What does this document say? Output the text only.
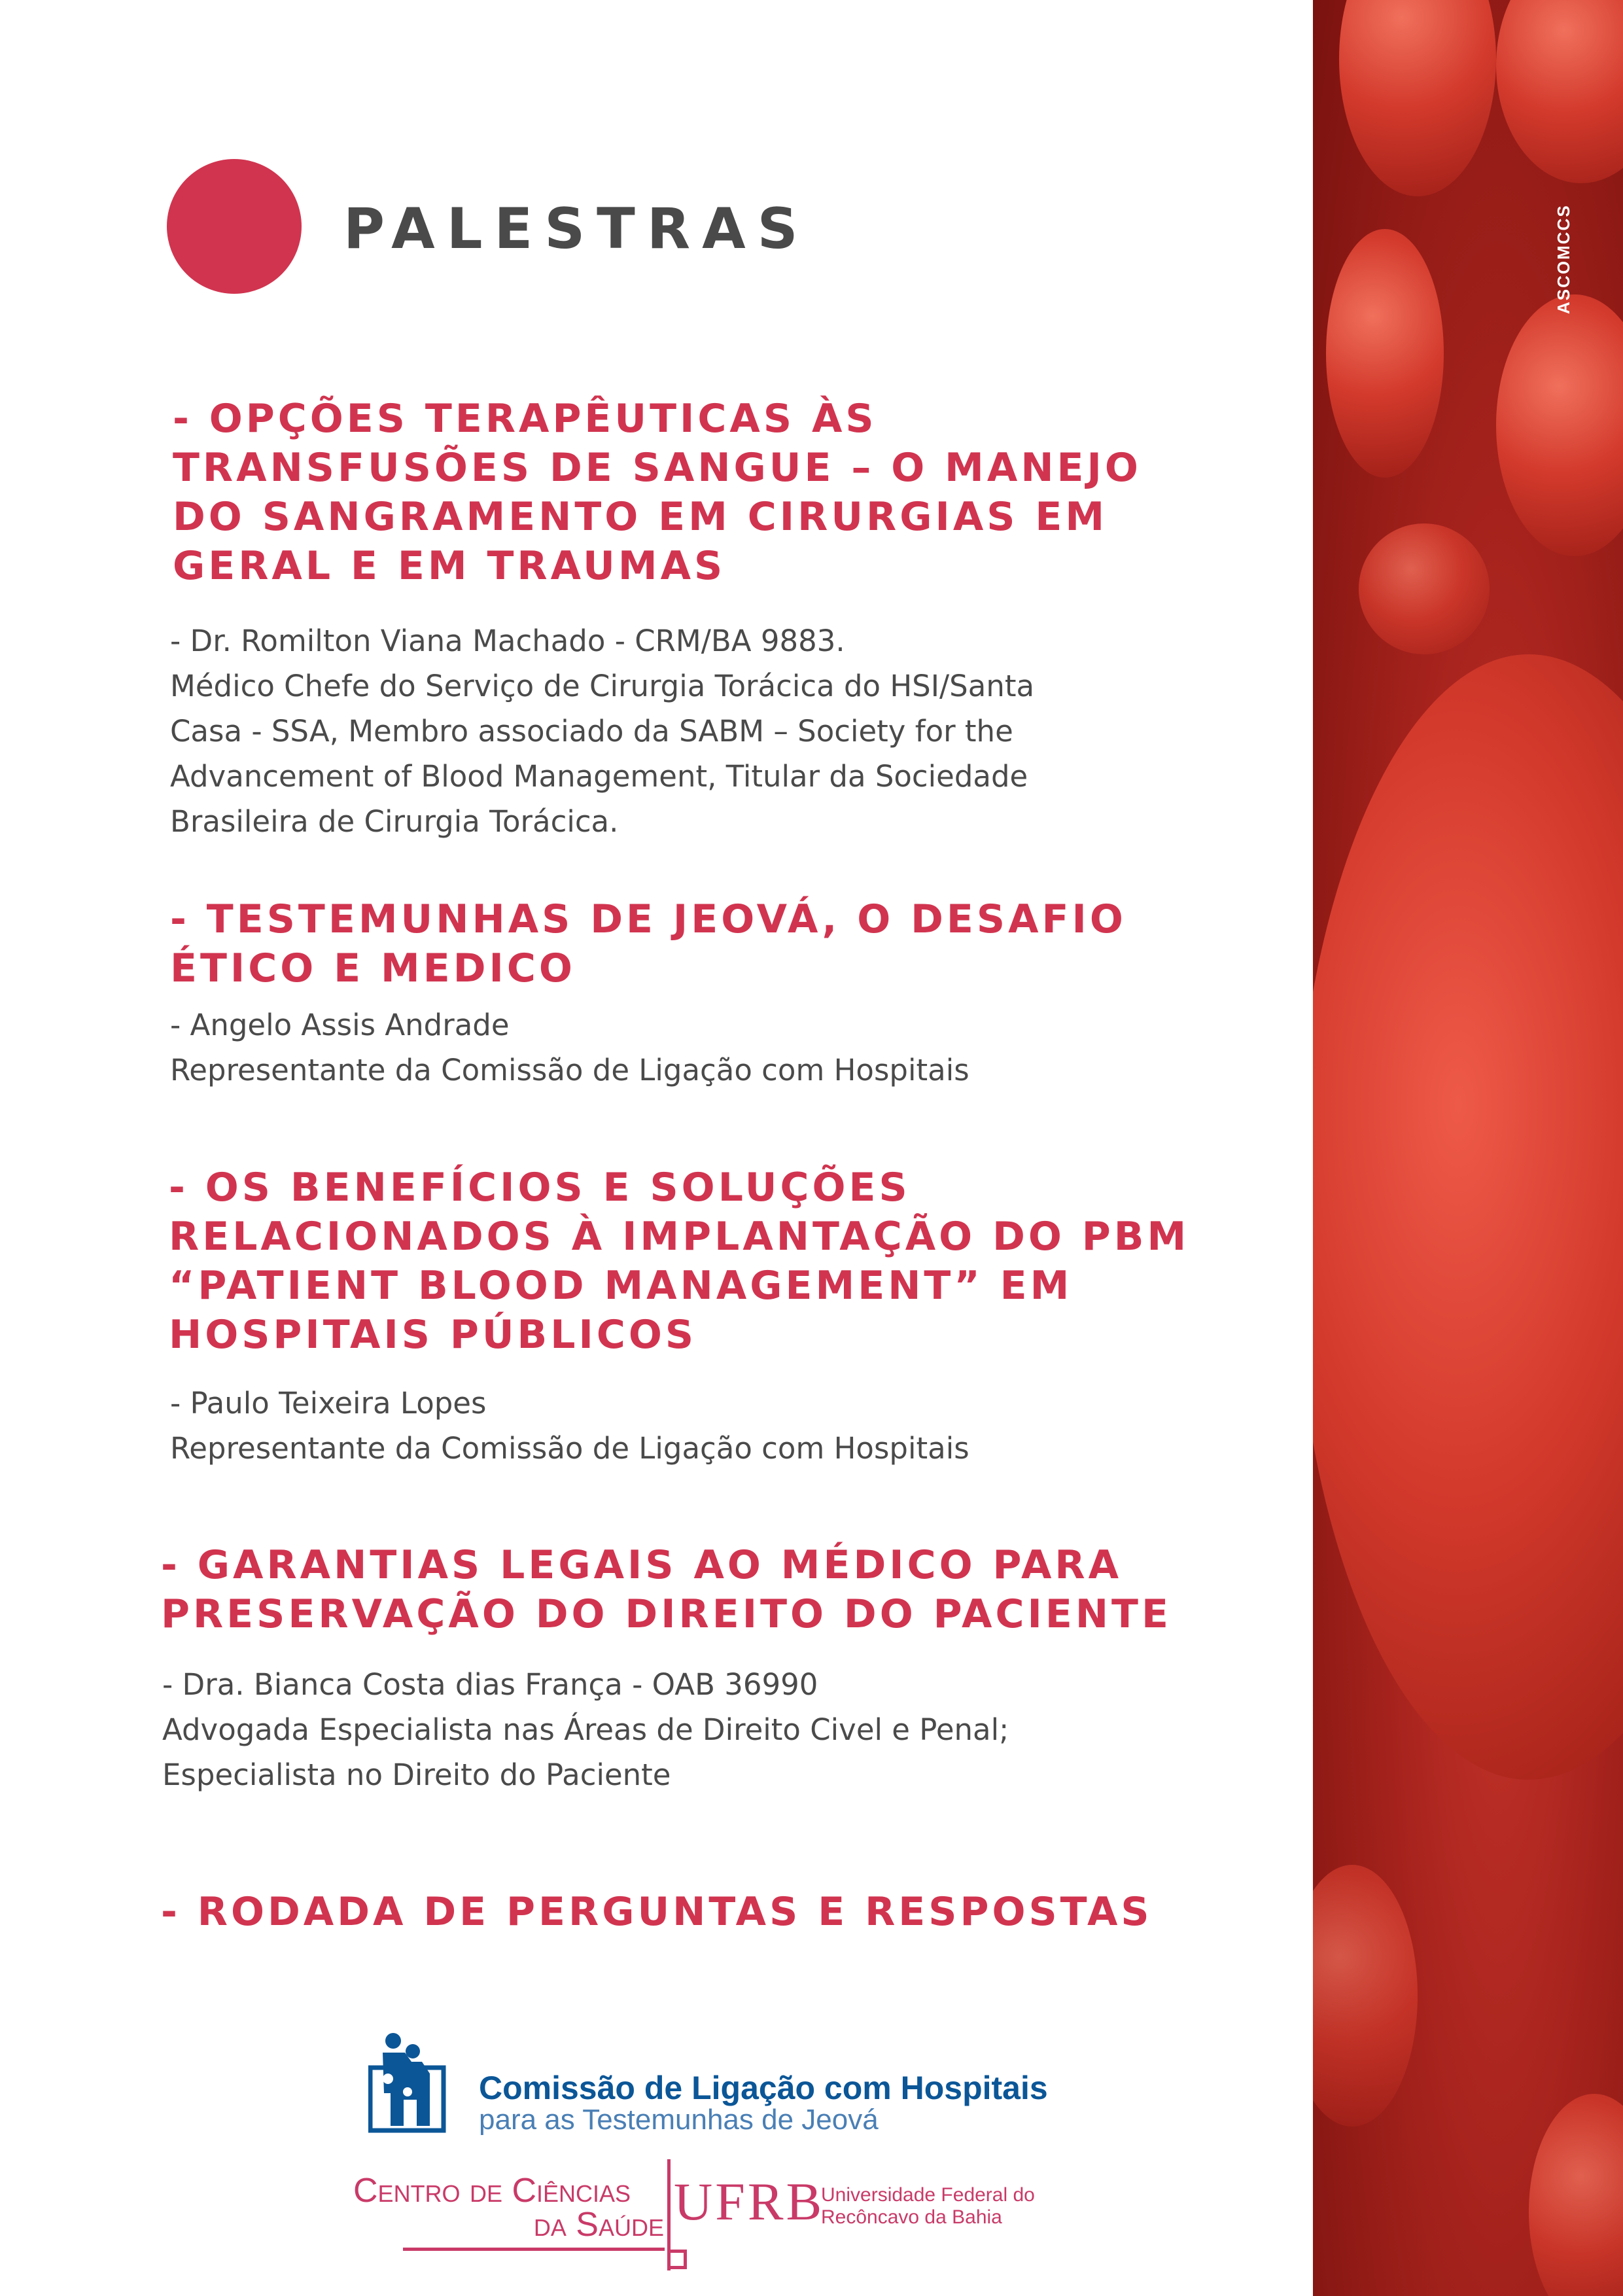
PALESTRAS
- OPÇÕES TERAPÊUTICAS ÀS
TRANSFUSÕES DE SANGUE – O MANEJO
DO SANGRAMENTO EM CIRURGIAS EM
GERAL E EM TRAUMAS
- Dr. Romilton Viana Machado - CRM/BA 9883.
Médico Chefe do Serviço de Cirurgia Torácica do HSI/Santa
Casa - SSA, Membro associado da SABM – Society for the
Advancement of Blood Management, Titular da Sociedade
Brasileira de Cirurgia Torácica.
- TESTEMUNHAS DE JEOVÁ, O DESAFIO
ÉTICO E MEDICO
- Angelo Assis Andrade
Representante da Comissão de Ligação com Hospitais
- OS BENEFÍCIOS E SOLUÇÕES
RELACIONADOS À IMPLANTAÇÃO DO PBM
“PATIENT BLOOD MANAGEMENT” EM
HOSPITAIS PÚBLICOS
- Paulo Teixeira Lopes
Representante da Comissão de Ligação com Hospitais
- GARANTIAS LEGAIS AO MÉDICO PARA
PRESERVAÇÃO DO DIREITO DO PACIENTE
- Dra. Bianca Costa dias França - OAB 36990
Advogada Especialista nas Áreas de Direito Civel e Penal;
Especialista no Direito do Paciente
- RODADA DE PERGUNTAS E RESPOSTAS
Comissão de Ligação com Hospitais
para as Testemunhas de Jeová
Centro de Ciências
da Saúde UFRB
Universidade Federal do
Recôncavo da Bahia
ASCOMCCS
